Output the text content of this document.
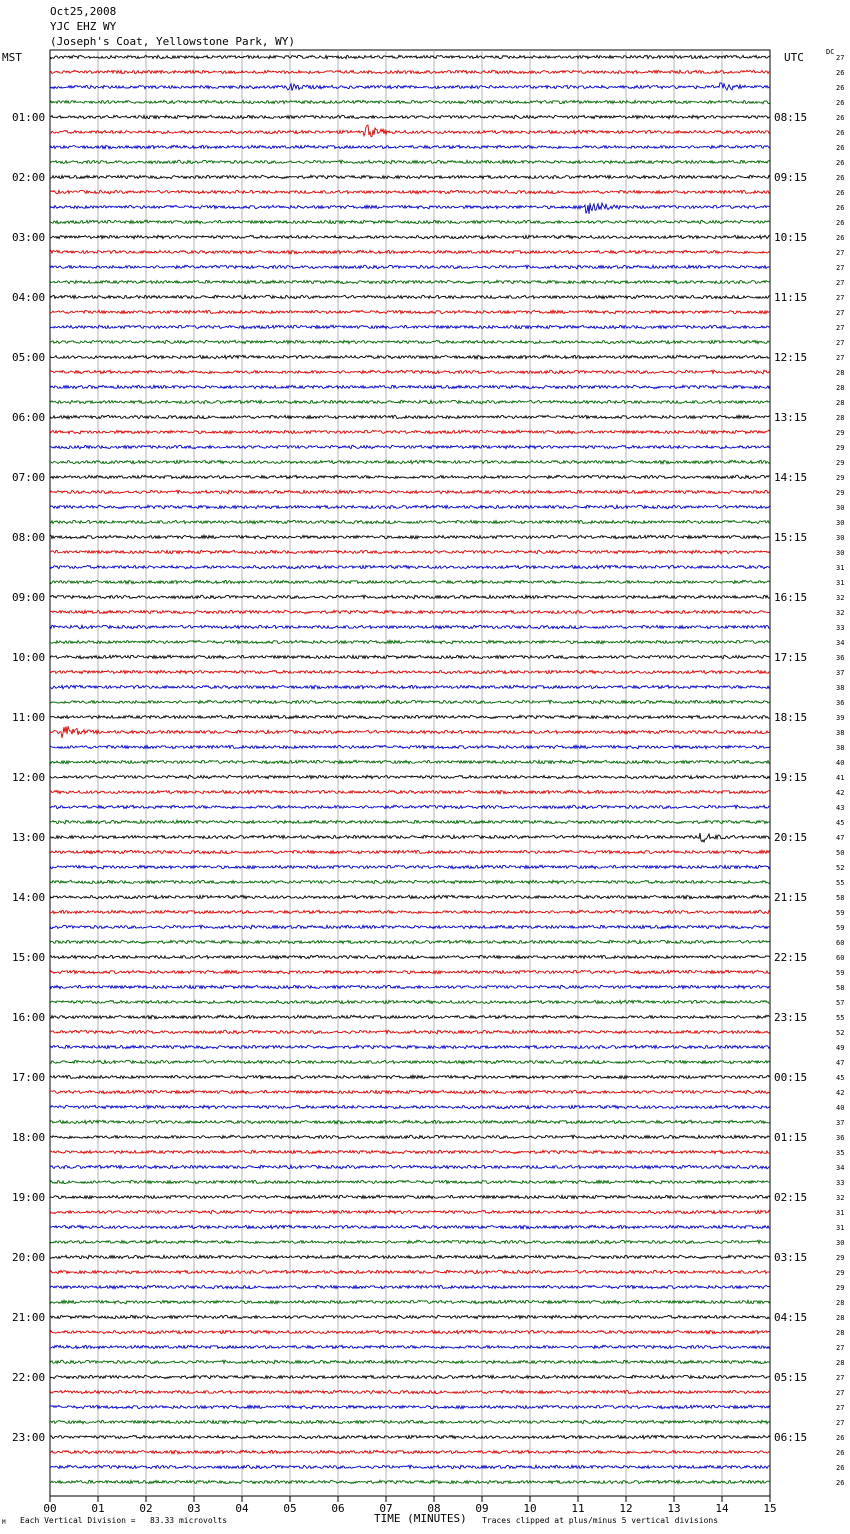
Oct25,2008
YJC EHZ WY
(Joseph's Coat, Yellowstone Park, WY)
MST	UTC	DC
00	01	02	03	04	05	06	07	08	09	10	11	12	13	14	15
27
26
26
26
26
26
26
26
26
26
26
26
26
27
27
27
27
27
27
27
27
28
28
28
28
29
29
29
29
29
30
30
30
30
31
31
32
32
33
34
36
37
38
36
39
38
38
40
41
42
43
45
47
50
52
55
58
59
59
60
60
59
58
57
55
52
49
47
45
42
40
37
36
35
34
33
32
31
31
30
29
29
29
28
28
28
27
28
27
27
27
27
26
26
26
26
01:00
02:00
03:00
04:00
05:00
06:00
07:00
08:00
09:00
10:00
11:00
12:00
13:00
14:00
15:00
16:00
17:00
18:00
19:00
20:00
21:00
22:00
23:00
08:15
09:15
10:15
11:15
12:15
13:15
14:15
15:15
16:15
17:15
18:15
19:15
20:15
21:15
22:15
23:15
00:15
01:15
02:15
03:15
04:15
05:15
06:15
M Each Vertical Division =   83.33 microvolts	TIME (MINUTES) Traces clipped at plus/minus 5 vertical divisions
